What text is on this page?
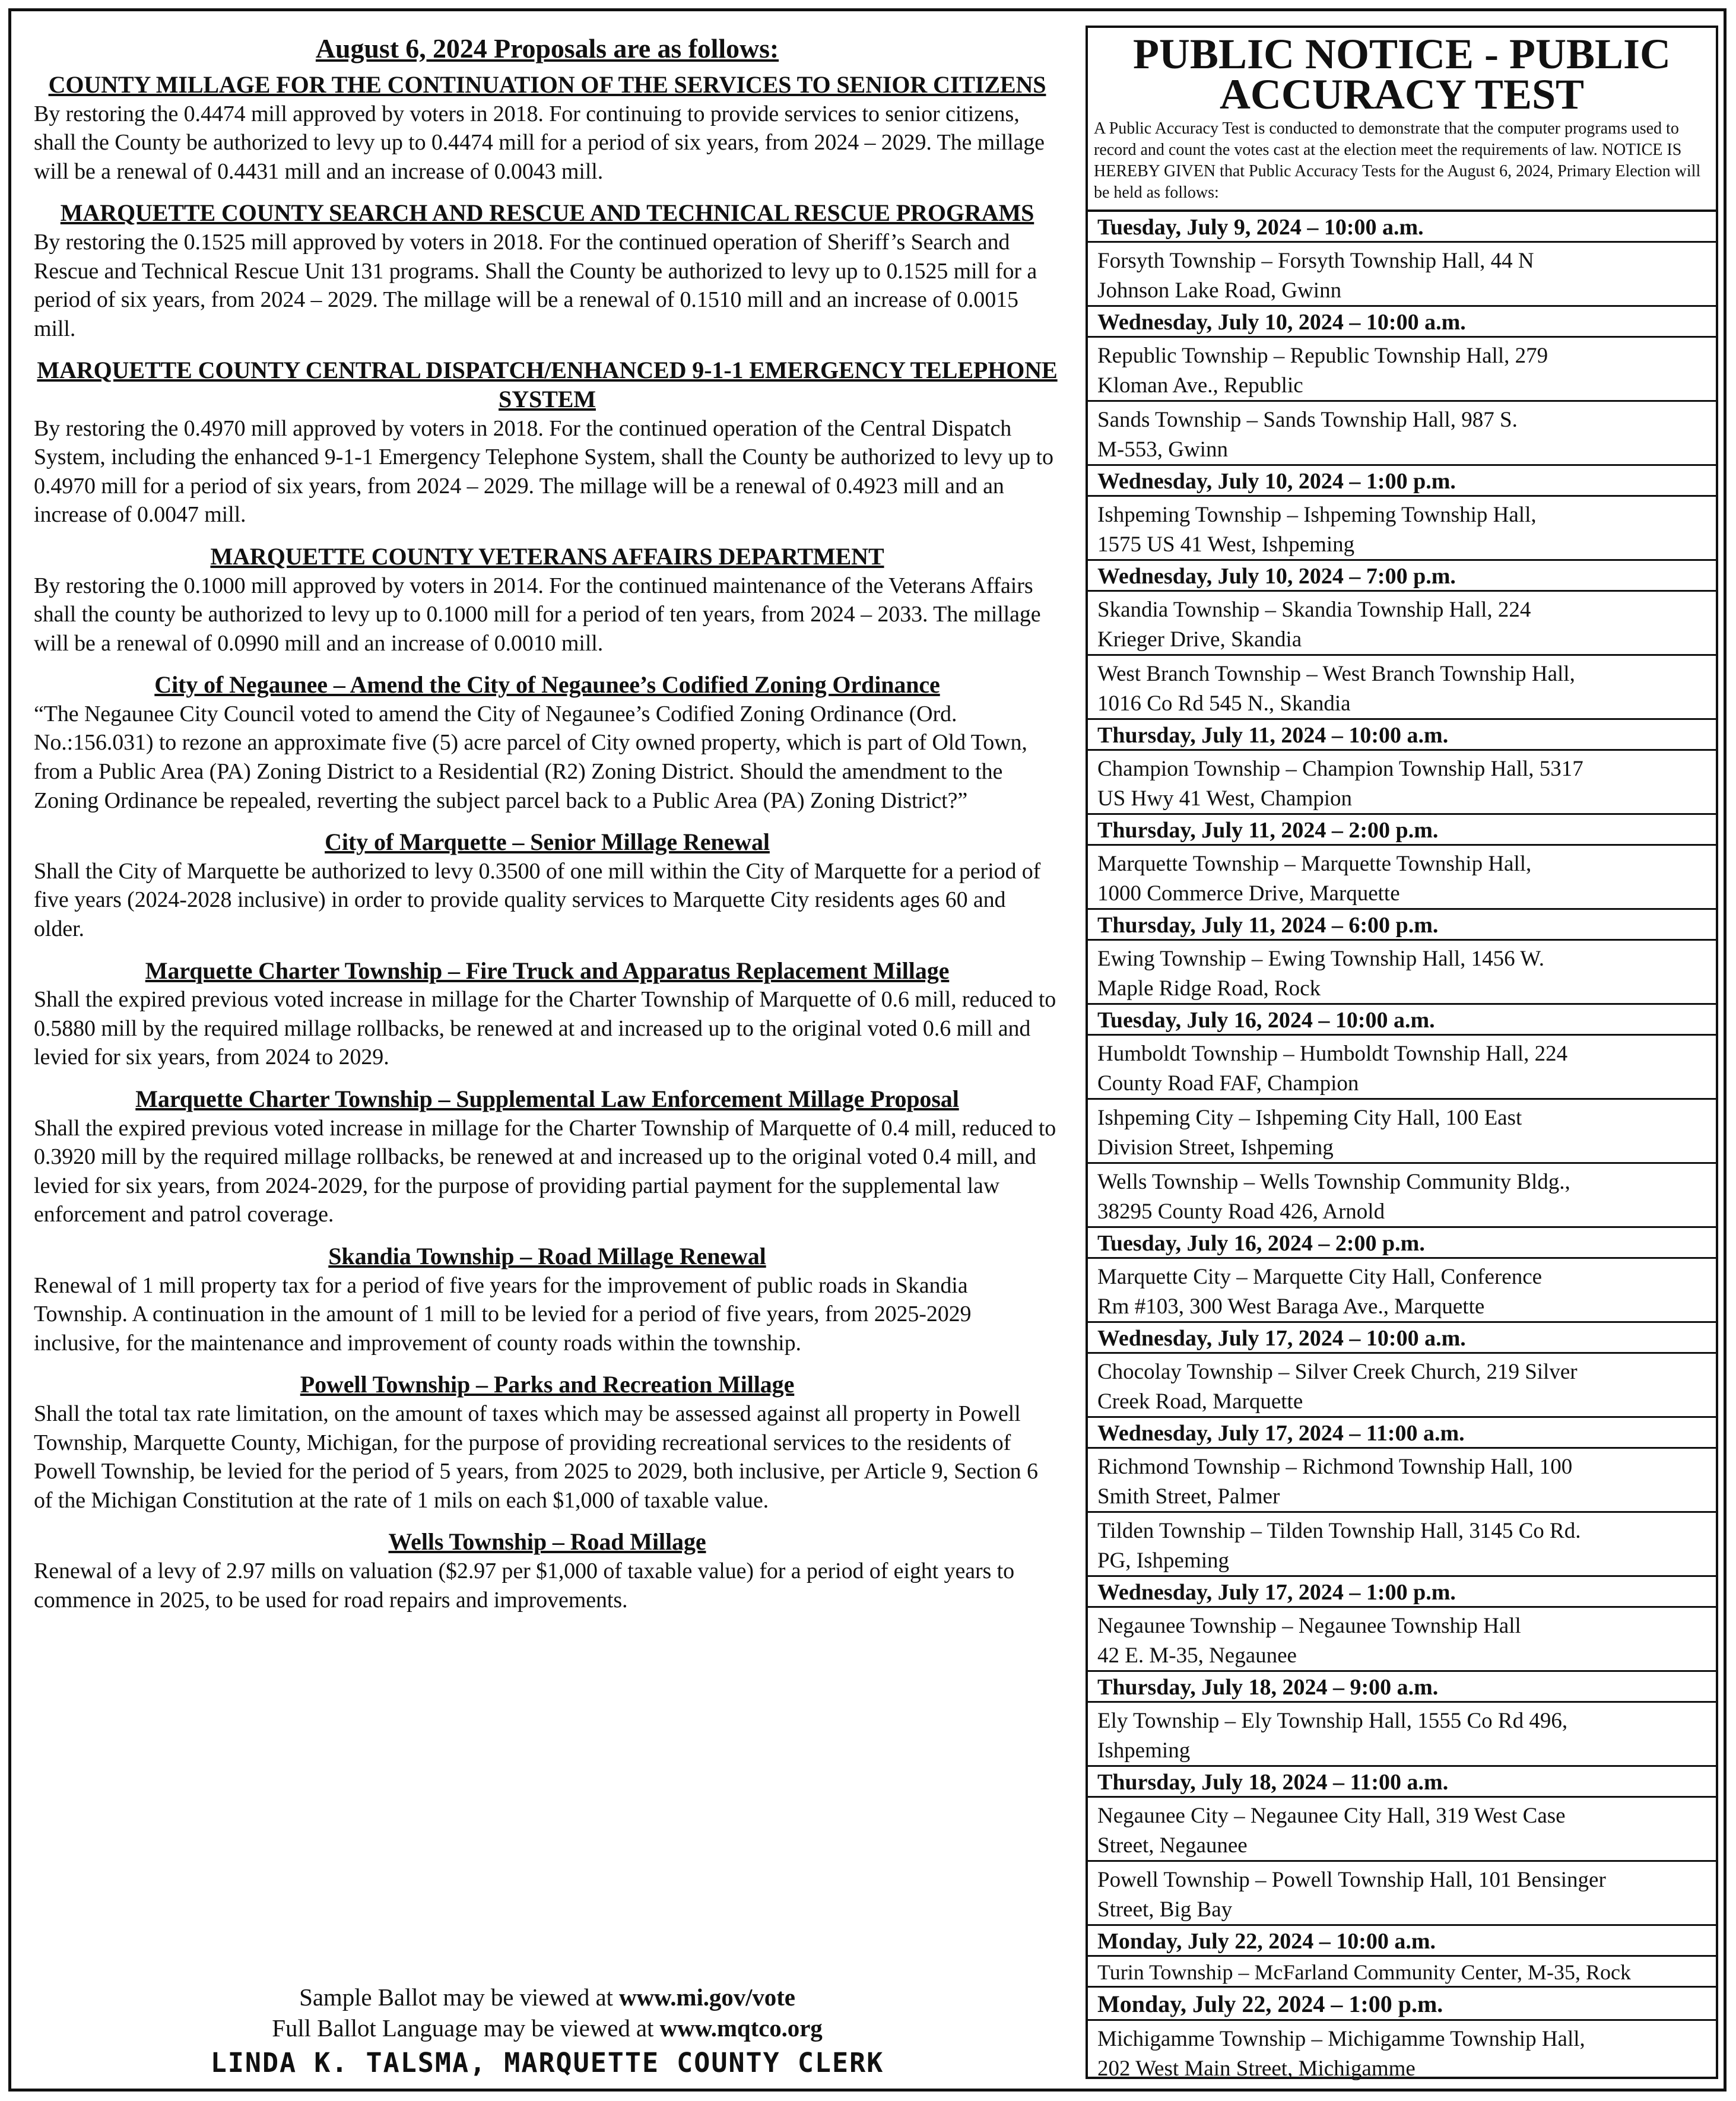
August 6, 2024 Proposals are as follows:
COUNTY MILLAGE FOR THE CONTINUATION OF THE SERVICES TO SENIOR CITIZENS
By restoring the 0.4474 mill approved by voters in 2018. For continuing to provide services to senior citizens, shall the County be authorized to levy up to 0.4474 mill for a period of six years, from 2024 – 2029. The millage will be a renewal of 0.4431 mill and an increase of 0.0043 mill.
MARQUETTE COUNTY SEARCH AND RESCUE AND TECHNICAL RESCUE PROGRAMS
By restoring the 0.1525 mill approved by voters in 2018. For the continued operation of Sheriff’s Search and Rescue and Technical Rescue Unit 131 programs. Shall the County be authorized to levy up to 0.1525 mill for a period of six years, from 2024 – 2029. The millage will be a renewal of 0.1510 mill and an increase of 0.0015 mill.
MARQUETTE COUNTY CENTRAL DISPATCH/ENHANCED 9-1-1 EMERGENCY TELEPHONE SYSTEM
By restoring the 0.4970 mill approved by voters in 2018. For the continued operation of the Central Dispatch System, including the enhanced 9-1-1 Emergency Telephone System, shall the County be authorized to levy up to 0.4970 mill for a period of six years, from 2024 – 2029. The millage will be a renewal of 0.4923 mill and an increase of 0.0047 mill.
MARQUETTE COUNTY VETERANS AFFAIRS DEPARTMENT
By restoring the 0.1000 mill approved by voters in 2014. For the continued maintenance of the Veterans Affairs shall the county be authorized to levy up to 0.1000 mill for a period of ten years, from 2024 – 2033. The millage will be a renewal of 0.0990 mill and an increase of 0.0010 mill.
City of Negaunee – Amend the City of Negaunee’s Codified Zoning Ordinance
“The Negaunee City Council voted to amend the City of Negaunee’s Codified Zoning Ordinance (Ord. No.:156.031) to rezone an approximate five (5) acre parcel of City owned property, which is part of Old Town, from a Public Area (PA) Zoning District to a Residential (R2) Zoning District. Should the amendment to the Zoning Ordinance be repealed, reverting the subject parcel back to a Public Area (PA) Zoning District?”
City of Marquette – Senior Millage Renewal
Shall the City of Marquette be authorized to levy 0.3500 of one mill within the City of Marquette for a period of five years (2024-2028 inclusive) in order to provide quality services to Marquette City residents ages 60 and older.
Marquette Charter Township – Fire Truck and Apparatus Replacement Millage
Shall the expired previous voted increase in millage for the Charter Township of Marquette of 0.6 mill, reduced to 0.5880 mill by the required millage rollbacks, be renewed at and increased up to the original voted 0.6 mill and levied for six years, from 2024 to 2029.
Marquette Charter Township – Supplemental Law Enforcement Millage Proposal
Shall the expired previous voted increase in millage for the Charter Township of Marquette of 0.4 mill, reduced to 0.3920 mill by the required millage rollbacks, be renewed at and increased up to the original voted 0.4 mill, and levied for six years, from 2024-2029, for the purpose of providing partial payment for the supplemental law enforcement and patrol coverage.
Skandia Township – Road Millage Renewal
Renewal of 1 mill property tax for a period of five years for the improvement of public roads in Skandia Township. A continuation in the amount of 1 mill to be levied for a period of five years, from 2025-2029 inclusive, for the maintenance and improvement of county roads within the township.
Powell Township – Parks and Recreation Millage
Shall the total tax rate limitation, on the amount of taxes which may be assessed against all property in Powell Township, Marquette County, Michigan, for the purpose of providing recreational services to the residents of Powell Township, be levied for the period of 5 years, from 2025 to 2029, both inclusive, per Article 9, Section 6 of the Michigan Constitution at the rate of 1 mils on each $1,000 of taxable value.
Wells Township – Road Millage
Renewal of a levy of 2.97 mills on valuation ($2.97 per $1,000 of taxable value) for a period of eight years to commence in 2025, to be used for road repairs and improvements.
Sample Ballot may be viewed at www.mi.gov/vote
Full Ballot Language may be viewed at www.mqtco.org
LINDA K. TALSMA, MARQUETTE COUNTY CLERK
PUBLIC NOTICE - PUBLIC ACCURACY TEST
A Public Accuracy Test is conducted to demonstrate that the computer programs used to record and count the votes cast at the election meet the requirements of law. NOTICE IS HEREBY GIVEN that Public Accuracy Tests for the August 6, 2024, Primary Election will be held as follows:
Tuesday, July 9, 2024 – 10:00 a.m.
Forsyth Township – Forsyth Township Hall, 44 N
Johnson Lake Road, Gwinn
Wednesday, July 10, 2024 – 10:00 a.m.
Republic Township – Republic Township Hall, 279
Kloman Ave., Republic
Sands Township – Sands Township Hall, 987 S.
M-553, Gwinn
Wednesday, July 10, 2024 – 1:00 p.m.
Ishpeming Township – Ishpeming Township Hall,
1575 US 41 West, Ishpeming
Wednesday, July 10, 2024 – 7:00 p.m.
Skandia Township – Skandia Township Hall, 224
Krieger Drive, Skandia
West Branch Township – West Branch Township Hall,
1016 Co Rd 545 N., Skandia
Thursday, July 11, 2024 – 10:00 a.m.
Champion Township – Champion Township Hall, 5317
US Hwy 41 West, Champion
Thursday, July 11, 2024 – 2:00 p.m.
Marquette Township – Marquette Township Hall,
1000 Commerce Drive, Marquette
Thursday, July 11, 2024 – 6:00 p.m.
Ewing Township – Ewing Township Hall, 1456 W.
Maple Ridge Road, Rock
Tuesday, July 16, 2024 – 10:00 a.m.
Humboldt Township – Humboldt Township Hall, 224
County Road FAF, Champion
Ishpeming City – Ishpeming City Hall, 100 East
Division Street, Ishpeming
Wells Township – Wells Township Community Bldg.,
38295 County Road 426, Arnold
Tuesday, July 16, 2024 – 2:00 p.m.
Marquette City – Marquette City Hall, Conference
Rm #103, 300 West Baraga Ave., Marquette
Wednesday, July 17, 2024 – 10:00 a.m.
Chocolay Township – Silver Creek Church, 219 Silver
Creek Road, Marquette
Wednesday, July 17, 2024 – 11:00 a.m.
Richmond Township – Richmond Township Hall, 100
Smith Street, Palmer
Tilden Township – Tilden Township Hall, 3145 Co Rd.
PG, Ishpeming
Wednesday, July 17, 2024 – 1:00 p.m.
Negaunee Township – Negaunee Township Hall
42 E. M-35, Negaunee
Thursday, July 18, 2024 – 9:00 a.m.
Ely Township – Ely Township Hall, 1555 Co Rd 496,
Ishpeming
Thursday, July 18, 2024 – 11:00 a.m.
Negaunee City – Negaunee City Hall, 319 West Case
Street, Negaunee
Powell Township – Powell Township Hall, 101 Bensinger
Street, Big Bay
Monday, July 22, 2024 – 10:00 a.m.
Turin Township – McFarland Community Center, M-35, Rock
Monday, July 22, 2024 – 1:00 p.m.
Michigamme Township – Michigamme Township Hall,
202 West Main Street, Michigamme
